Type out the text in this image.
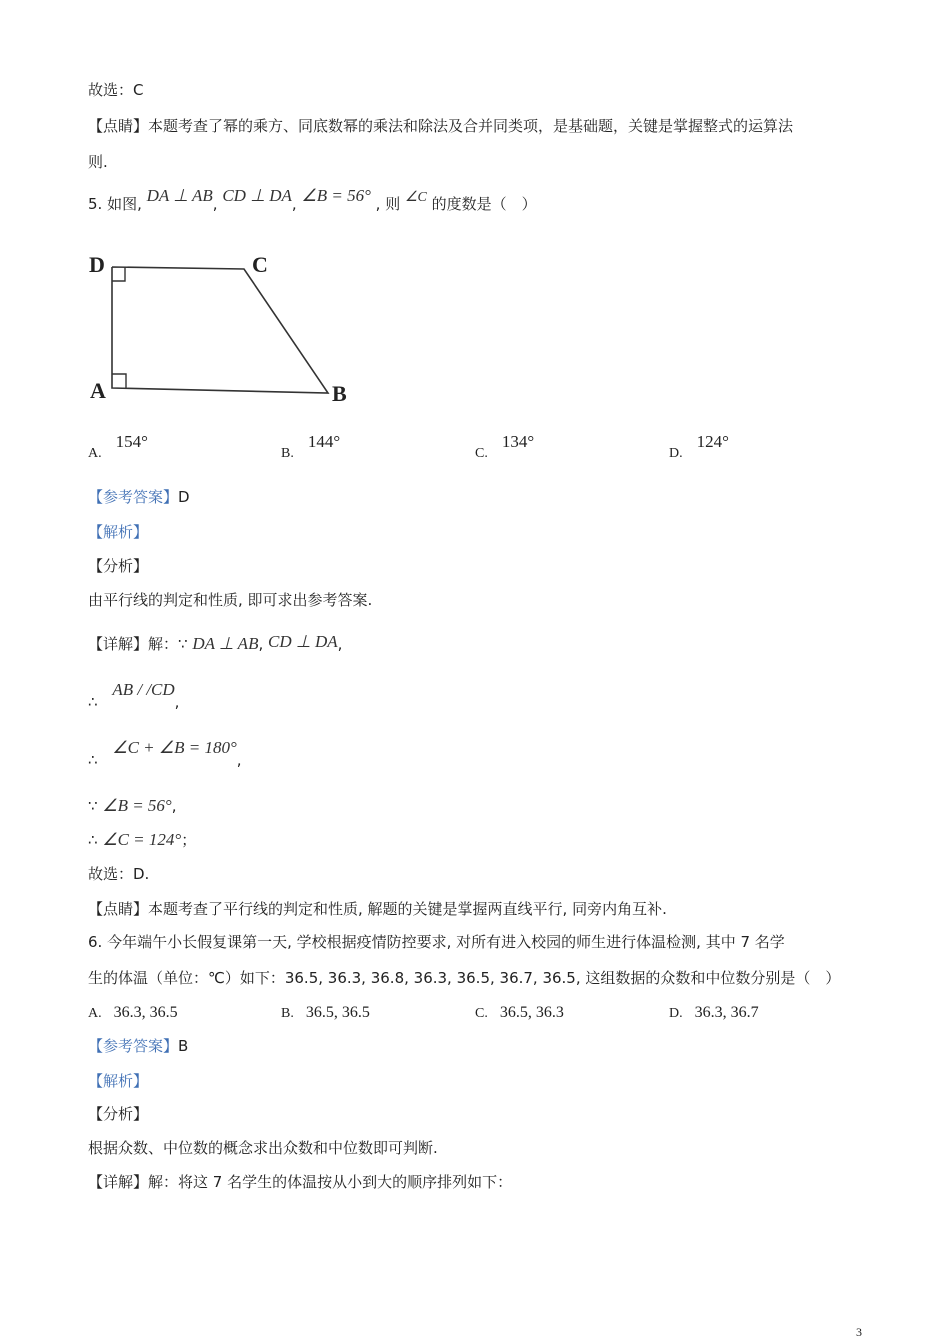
故选：C
【点睛】本题考查了幂的乘方、同底数幂的乘法和除法及合并同类项，是基础题，关键是掌握整式的运算法
则.
5. 如图, DA ⊥ AB, CD ⊥ DA, ∠B = 56° , 则 ∠C 的度数是（　）
D	C
A	B
A.154°
B.144°
C.134°
D.124°
【参考答案】D
【解析】
【分析】
由平行线的判定和性质, 即可求出参考答案.
【详解】解：∵ DA ⊥ AB, CD ⊥ DA,
∴ AB / /CD,
∴ ∠C + ∠B = 180°,
∵ ∠B = 56°,
∴ ∠C = 124°；
故选：D.
【点睛】本题考查了平行线的判定和性质, 解题的关键是掌握两直线平行, 同旁内角互补.
6. 今年端午小长假复课第一天, 学校根据疫情防控要求, 对所有进入校园的师生进行体温检测, 其中 7 名学
生的体温（单位：℃）如下：36.5, 36.3, 36.8, 36.3, 36.5, 36.7, 36.5, 这组数据的众数和中位数分别是（　）
A. 36.3, 36.5	B. 36.5, 36.5	C. 36.5, 36.3	D. 36.3, 36.7
【参考答案】B
【解析】
【分析】
根据众数、中位数的概念求出众数和中位数即可判断.
【详解】解：将这 7 名学生的体温按从小到大的顺序排列如下：
3
